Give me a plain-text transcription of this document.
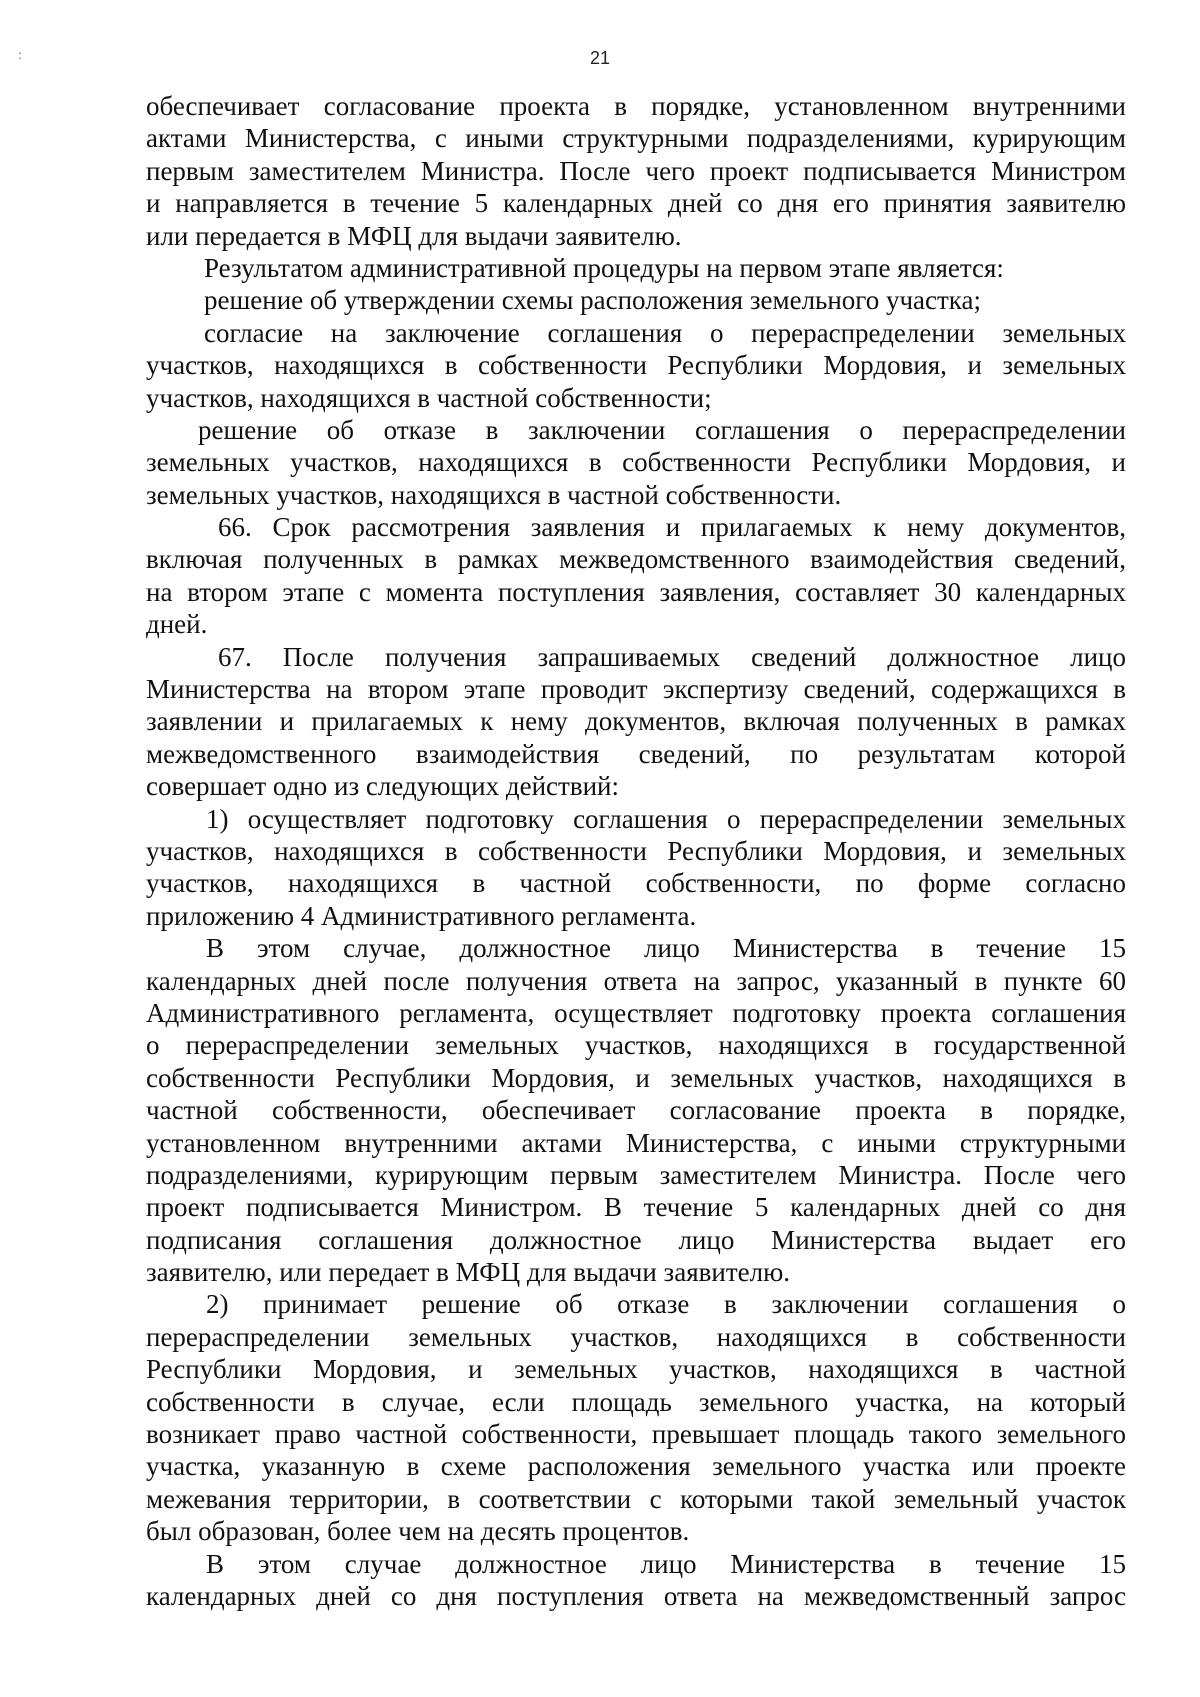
:	21
обеспечивает согласование проекта в порядке, установленном внутренними
актами Министерства, с иными структурными подразделениями, курирующим
первым заместителем Министра. После чего проект подписывается Министром
и направляется в течение 5 календарных дней со дня его принятия заявителю
или передается в МФЦ для выдачи заявителю.
Результатом административной процедуры на первом этапе является:
решение об утверждении схемы расположения земельного участка;
согласие на заключение соглашения о перераспределении земельных
участков, находящихся в собственности Республики Мордовия, и земельных
участков, находящихся в частной собственности;
решение об отказе в заключении соглашения о перераспределении
земельных участков, находящихся в собственности Республики Мордовия, и
земельных участков, находящихся в частной собственности.
66. Срок рассмотрения заявления и прилагаемых к нему документов,
включая полученных в рамках межведомственного взаимодействия сведений,
на втором этапе с момента поступления заявления, составляет 30 календарных
дней.
67. После получения запрашиваемых сведений должностное лицо
Министерства на втором этапе проводит экспертизу сведений, содержащихся в
заявлении и прилагаемых к нему документов, включая полученных в рамках
межведомственного взаимодействия сведений, по результатам которой
совершает одно из следующих действий:
1) осуществляет подготовку соглашения о перераспределении земельных
участков, находящихся в собственности Республики Мордовия, и земельных
участков, находящихся в частной собственности, по форме согласно
приложению 4 Административного регламента.
В этом случае, должностное лицо Министерства в течение 15
календарных дней после получения ответа на запрос, указанный в пункте 60
Административного регламента, осуществляет подготовку проекта соглашения
о перераспределении земельных участков, находящихся в государственной
собственности Республики Мордовия, и земельных участков, находящихся в
частной собственности, обеспечивает согласование проекта в порядке,
установленном внутренними актами Министерства, с иными структурными
подразделениями, курирующим первым заместителем Министра. После чего
проект подписывается Министром. В течение 5 календарных дней со дня
подписания соглашения должностное лицо Министерства выдает его
заявителю, или передает в МФЦ для выдачи заявителю.
2) принимает решение об отказе в заключении соглашения о
перераспределении земельных участков, находящихся в собственности
Республики Мордовия, и земельных участков, находящихся в частной
собственности в случае, если площадь земельного участка, на который
возникает право частной собственности, превышает площадь такого земельного
участка, указанную в схеме расположения земельного участка или проекте
межевания территории, в соответствии с которыми такой земельный участок
был образован, более чем на десять процентов.
В этом случае должностное лицо Министерства в течение 15
календарных дней со дня поступления ответа на межведомственный запрос
